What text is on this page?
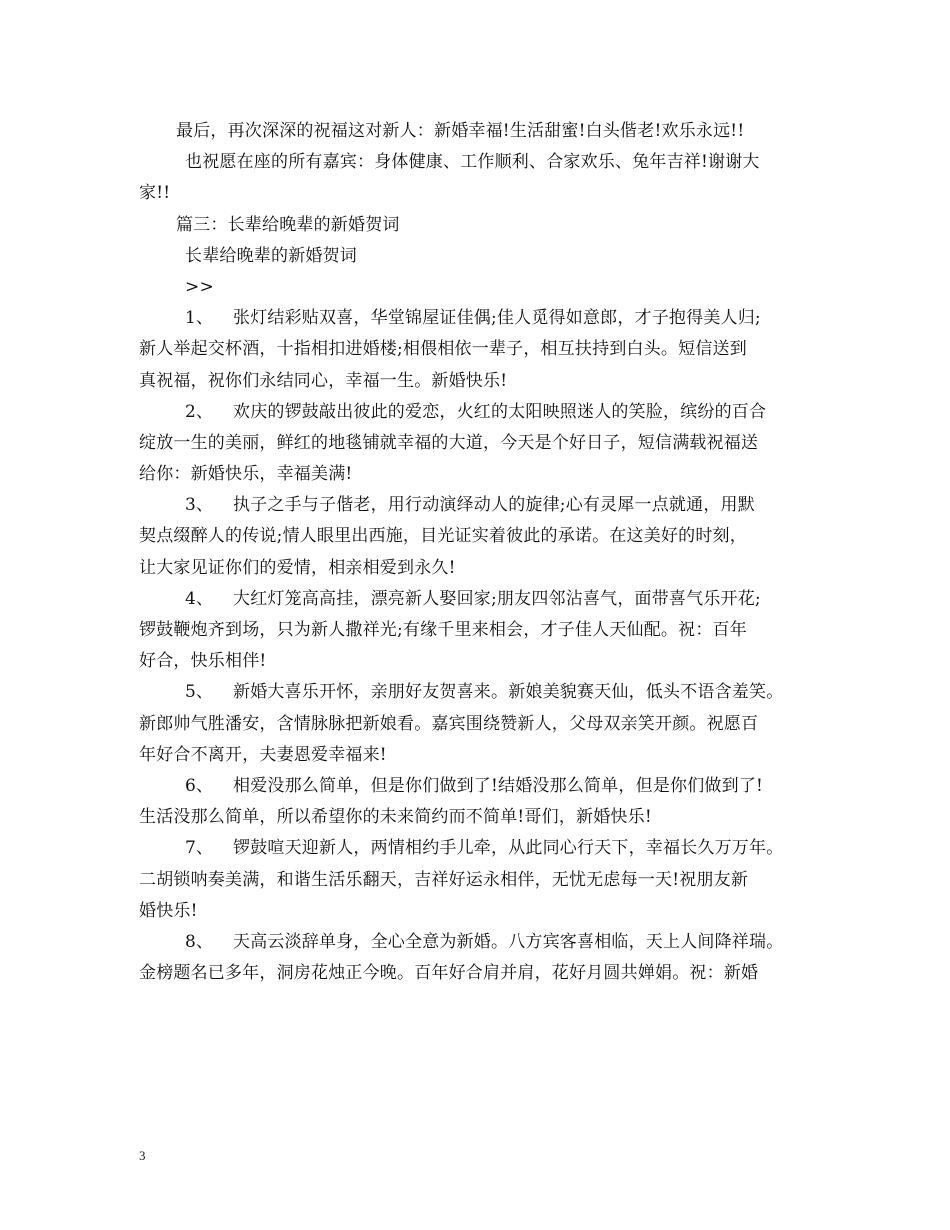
最后，再次深深的祝福这对新人：新婚幸福!生活甜蜜!白头偕老!欢乐永远!!
也祝愿在座的所有嘉宾：身体健康、工作顺利、合家欢乐、兔年吉祥!谢谢大
家!!
篇三：长辈给晚辈的新婚贺词
长辈给晚辈的新婚贺词
>>
1、 张灯结彩贴双喜，华堂锦屋证佳偶;佳人觅得如意郎，才子抱得美人归;
新人举起交杯酒，十指相扣进婚楼;相偎相依一辈子，相互扶持到白头。短信送到
真祝福，祝你们永结同心，幸福一生。新婚快乐!
2、 欢庆的锣鼓敲出彼此的爱恋，火红的太阳映照迷人的笑脸，缤纷的百合
绽放一生的美丽，鲜红的地毯铺就幸福的大道，今天是个好日子，短信满载祝福送
给你：新婚快乐，幸福美满!
3、 执子之手与子偕老，用行动演绎动人的旋律;心有灵犀一点就通，用默
契点缀醉人的传说;情人眼里出西施，目光证实着彼此的承诺。在这美好的时刻，
让大家见证你们的爱情，相亲相爱到永久!
4、 大红灯笼高高挂，漂亮新人娶回家;朋友四邻沾喜气，面带喜气乐开花;
锣鼓鞭炮齐到场，只为新人撒祥光;有缘千里来相会，才子佳人天仙配。祝：百年
好合，快乐相伴!
5、 新婚大喜乐开怀，亲朋好友贺喜来。新娘美貌赛天仙，低头不语含羞笑。
新郎帅气胜潘安，含情脉脉把新娘看。嘉宾围绕赞新人，父母双亲笑开颜。祝愿百
年好合不离开，夫妻恩爱幸福来!
6、 相爱没那么简单，但是你们做到了!结婚没那么简单，但是你们做到了!
生活没那么简单，所以希望你的未来简约而不简单!哥们，新婚快乐!
7、 锣鼓喧天迎新人，两情相约手儿牵，从此同心行天下，幸福长久万万年。
二胡锁呐奏美满，和谐生活乐翻天，吉祥好运永相伴，无忧无虑每一天!祝朋友新
婚快乐!
8、 天高云淡辞单身，全心全意为新婚。八方宾客喜相临，天上人间降祥瑞。
金榜题名已多年，洞房花烛正今晚。百年好合肩并肩，花好月圆共婵娟。祝：新婚
3
